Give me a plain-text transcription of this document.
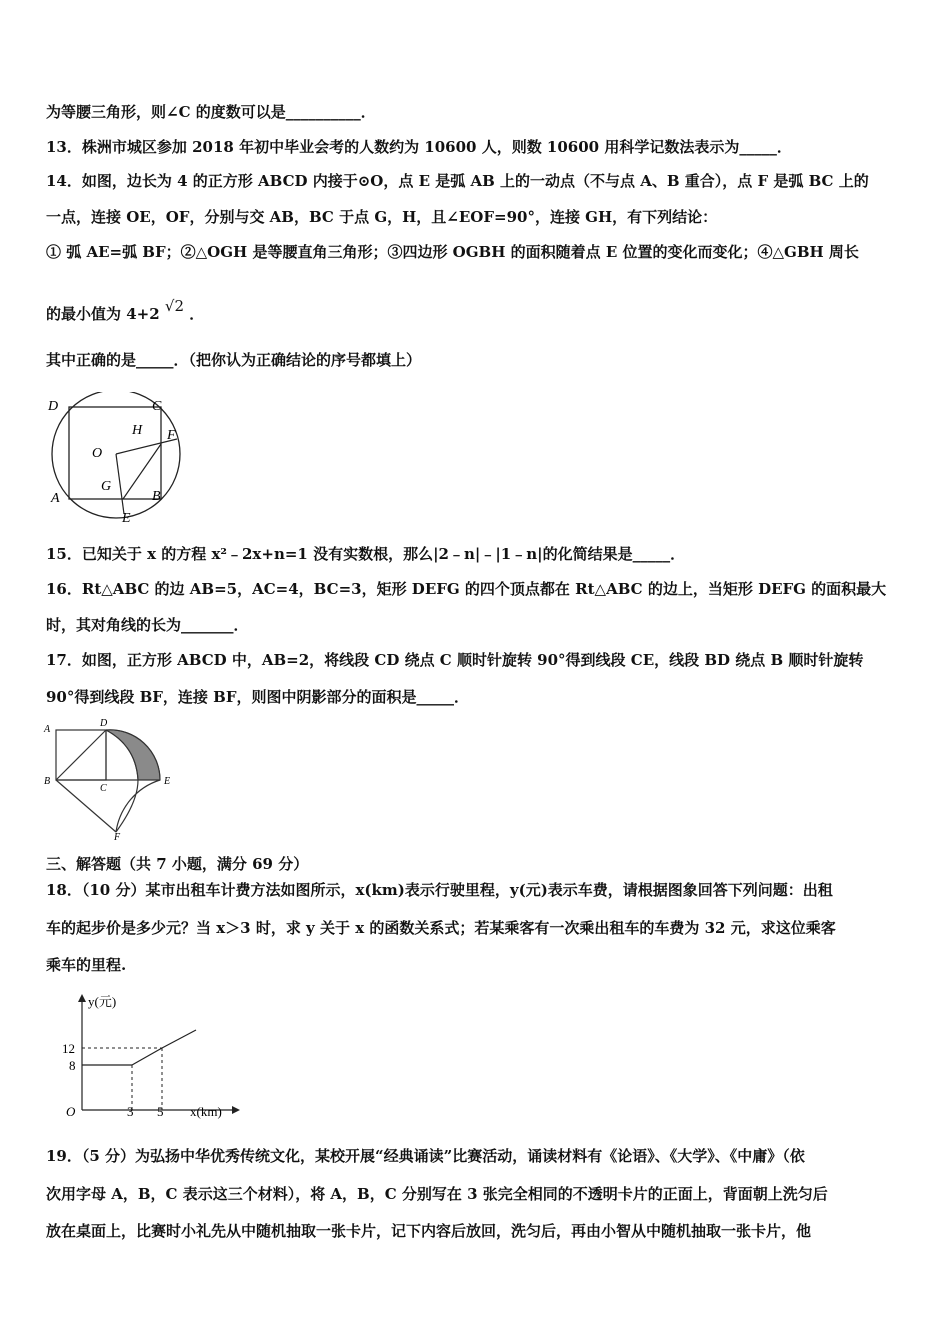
为等腰三角形，则∠C 的度数可以是__________．
13．株洲市城区参加 2018 年初中毕业会考的人数约为 10600 人，则数 10600 用科学记数法表示为_____．
14．如图，边长为 4 的正方形 ABCD 内接于⊙O，点 E 是弧 AB 上的一动点（不与点 A、B 重合），点 F 是弧 BC 上的
一点，连接 OE，OF，分别与交 AB，BC 于点 G，H，且∠EOF=90°，连接 GH，有下列结论：
① 弧 AE=弧 BF；②△OGH 是等腰直角三角形；③四边形 OGBH 的面积随着点 E 位置的变化而变化；④△GBH 周长
的最小值为 4+2 √2 ．
其中正确的是_____．（把你认为正确结论的序号都填上）
D	C
H F
O
G
A	B
E
15．已知关于 x 的方程 x²﹣2x+n=1 没有实数根，那么|2﹣n|﹣|1﹣n|的化简结果是_____．
16．Rt△ABC 的边 AB=5，AC=4，BC=3，矩形 DEFG 的四个顶点都在 Rt△ABC 的边上，当矩形 DEFG 的面积最大
时，其对角线的长为_______．
17．如图，正方形 ABCD 中，AB=2，将线段 CD 绕点 C 顺时针旋转 90°得到线段 CE，线段 BD 绕点 B 顺时针旋转
90°得到线段 BF，连接 BF，则图中阴影部分的面积是_____．
A
D
B
C
E
F
三、解答题（共 7 小题，满分 69 分）
18．（10 分）某市出租车计费方法如图所示，x(km)表示行驶里程，y(元)表示车费，请根据图象回答下列问题：出租
车的起步价是多少元？当 x＞3 时，求 y 关于 x 的函数关系式；若某乘客有一次乘出租车的车费为 32 元，求这位乘客
乘车的里程.
y(元)
x(km)
O
12
8
3 5
19．（5 分）为弘扬中华优秀传统文化，某校开展“经典诵读”比赛活动，诵读材料有《论语》、《大学》、《中庸》（依
次用字母 A，B，C 表示这三个材料），将 A，B，C 分别写在 3 张完全相同的不透明卡片的正面上，背面朝上洗匀后
放在桌面上，比赛时小礼先从中随机抽取一张卡片，记下内容后放回，洗匀后，再由小智从中随机抽取一张卡片，他
